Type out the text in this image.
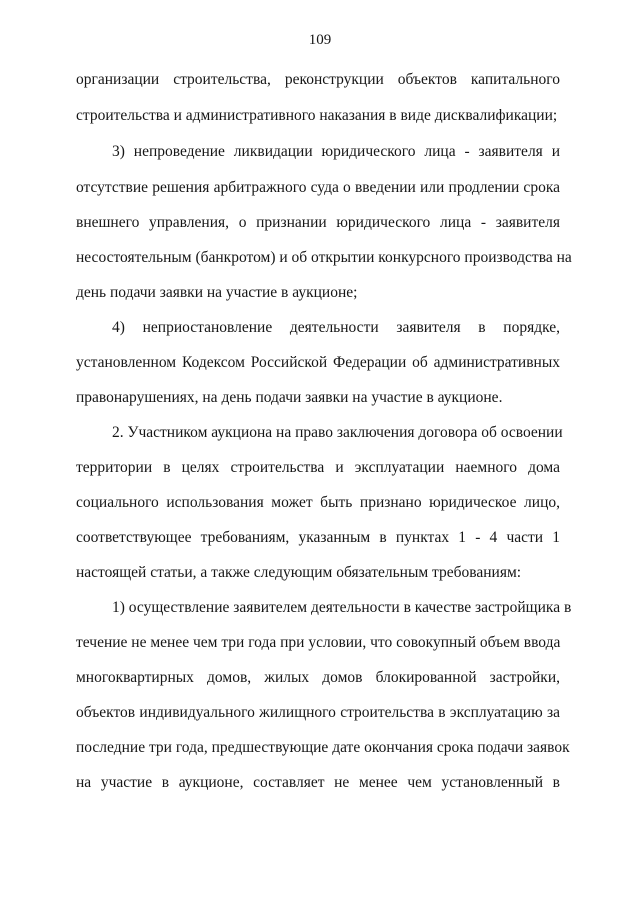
109
организации строительства, реконструкции объектов капитального
строительства и административного наказания в виде дисквалификации;
3) непроведение ликвидации юридического лица - заявителя и
отсутствие решения арбитражного суда о введении или продлении срока
внешнего управления, о признании юридического лица - заявителя
несостоятельным (банкротом) и об открытии конкурсного производства на
день подачи заявки на участие в аукционе;
4) неприостановление деятельности заявителя в порядке,
установленном Кодексом Российской Федерации об административных
правонарушениях, на день подачи заявки на участие в аукционе.
2. Участником аукциона на право заключения договора об освоении
территории в целях строительства и эксплуатации наемного дома
социального использования может быть признано юридическое лицо,
соответствующее требованиям, указанным в пунктах 1 - 4 части 1
настоящей статьи, а также следующим обязательным требованиям:
1) осуществление заявителем деятельности в качестве застройщика в
течение не менее чем три года при условии, что совокупный объем ввода
многоквартирных домов, жилых домов блокированной застройки,
объектов индивидуального жилищного строительства в эксплуатацию за
последние три года, предшествующие дате окончания срока подачи заявок
на участие в аукционе, составляет не менее чем установленный в
